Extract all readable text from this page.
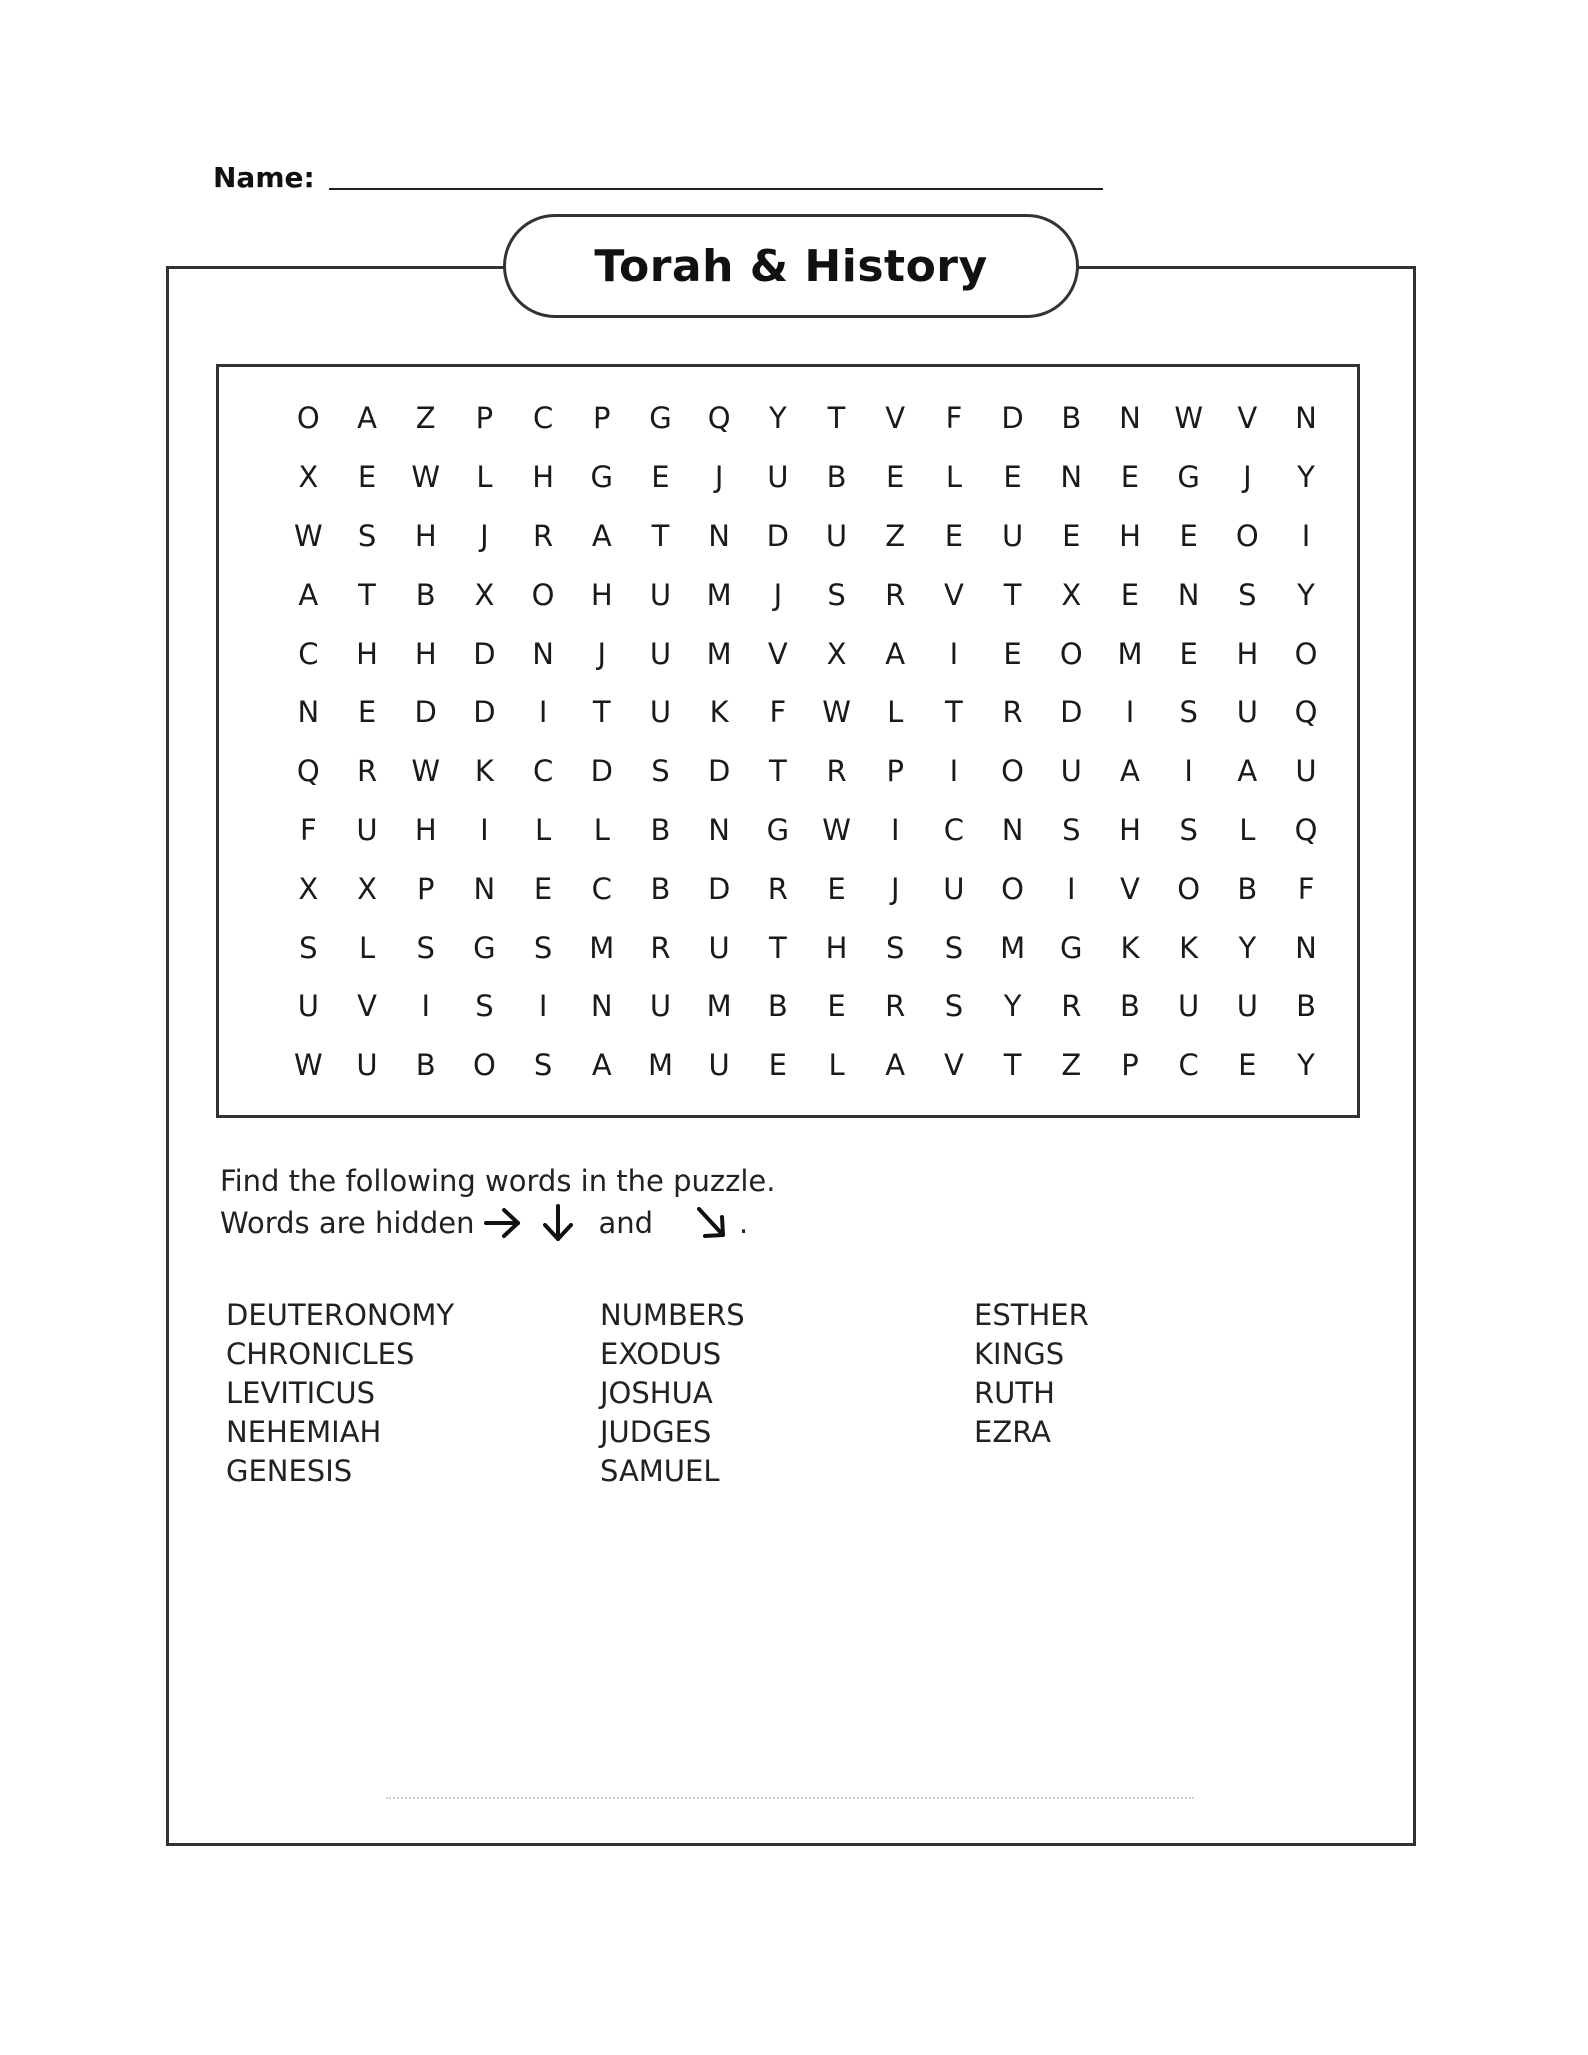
Name:
Torah & History
O	A	Z	P	C	P	G	Q	Y	T	V	F	D	B	N	W	V	N
X	E	W	L	H	G	E	J	U	B	E	L	E	N	E	G	J	Y
W	S	H	J	R	A	T	N	D	U	Z	E	U	E	H	E	O	I
A	T	B	X	O	H	U	M	J	S	R	V	T	X	E	N	S	Y
C	H	H	D	N	J	U	M	V	X	A	I	E	O	M	E	H	O
N	E	D	D	I	T	U	K	F	W	L	T	R	D	I	S	U	Q
Q	R	W	K	C	D	S	D	T	R	P	I	O	U	A	I	A	U
F	U	H	I	L	L	B	N	G	W	I	C	N	S	H	S	L	Q
X	X	P	N	E	C	B	D	R	E	J	U	O	I	V	O	B	F
S	L	S	G	S	M	R	U	T	H	S	S	M	G	K	K	Y	N
U	V	I	S	I	N	U	M	B	E	R	S	Y	R	B	U	U	B
W	U	B	O	S	A	M	U	E	L	A	V	T	Z	P	C	E	Y
Find the following words in the puzzle.
Words are hidden	and	.
DEUTERONOMY
CHRONICLES
LEVITICUS
NEHEMIAH
GENESIS
NUMBERS
EXODUS
JOSHUA
JUDGES
SAMUEL
ESTHER
KINGS
RUTH
EZRA
